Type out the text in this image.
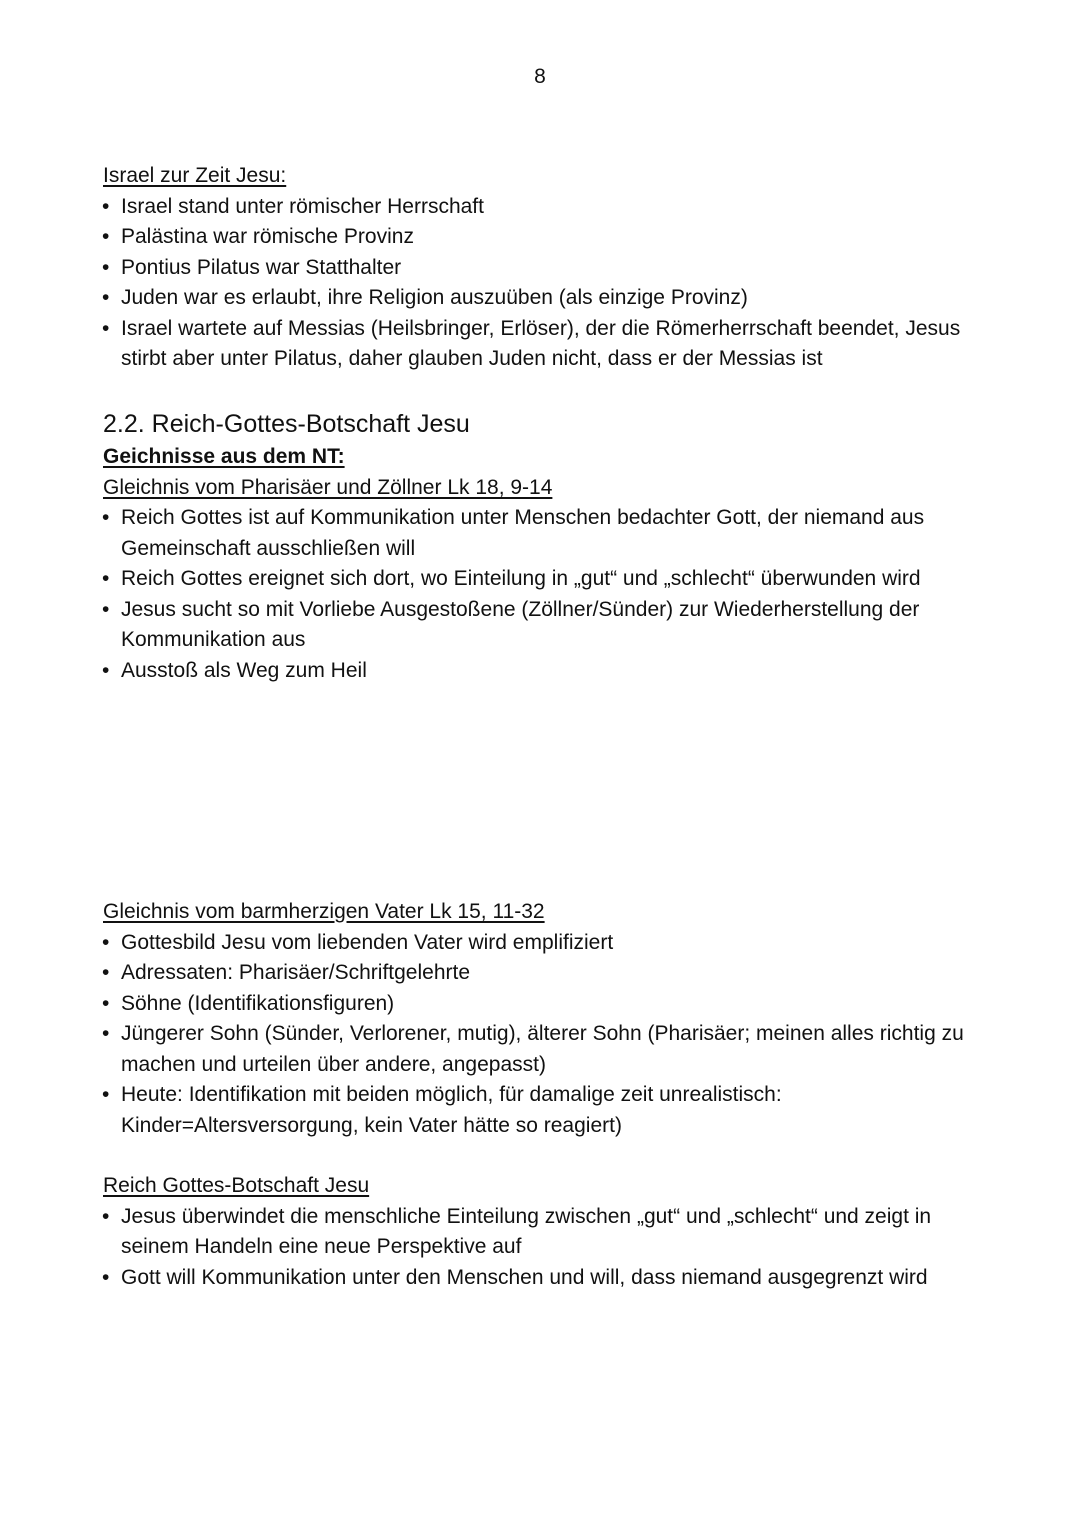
8
Israel zur Zeit Jesu:
• Israel stand unter römischer Herrschaft
• Palästina war römische Provinz
• Pontius Pilatus war Statthalter
• Juden war es erlaubt, ihre Religion auszuüben (als einzige Provinz)
• Israel wartete auf Messias (Heilsbringer, Erlöser), der die Römerherrschaft beendet, Jesus stirbt aber unter Pilatus, daher glauben Juden nicht, dass er der Messias ist
2.2. Reich-Gottes-Botschaft Jesu
Geichnisse aus dem NT:
Gleichnis vom Pharisäer und Zöllner Lk 18, 9-14
• Reich Gottes ist auf Kommunikation unter Menschen bedachter Gott, der niemand aus Gemeinschaft ausschließen will
• Reich Gottes ereignet sich dort, wo Einteilung in „gut“ und „schlecht“ überwunden wird
• Jesus sucht so mit Vorliebe Ausgestoßene (Zöllner/Sünder) zur Wiederherstellung der Kommunikation aus
• Ausstoß als Weg zum Heil
Gleichnis vom barmherzigen Vater Lk 15, 11-32
• Gottesbild Jesu vom liebenden Vater wird emplifiziert
• Adressaten: Pharisäer/Schriftgelehrte
• Söhne (Identifikationsfiguren)
• Jüngerer Sohn (Sünder, Verlorener, mutig), älterer Sohn (Pharisäer; meinen alles richtig zu machen und urteilen über andere, angepasst)
• Heute: Identifikation mit beiden möglich, für damalige zeit unrealistisch: Kinder=Altersversorgung, kein Vater hätte so reagiert)
Reich Gottes-Botschaft Jesu
• Jesus überwindet die menschliche Einteilung zwischen „gut“ und „schlecht“ und zeigt in seinem Handeln eine neue Perspektive auf
• Gott will Kommunikation unter den Menschen und will, dass niemand ausgegrenzt wird
